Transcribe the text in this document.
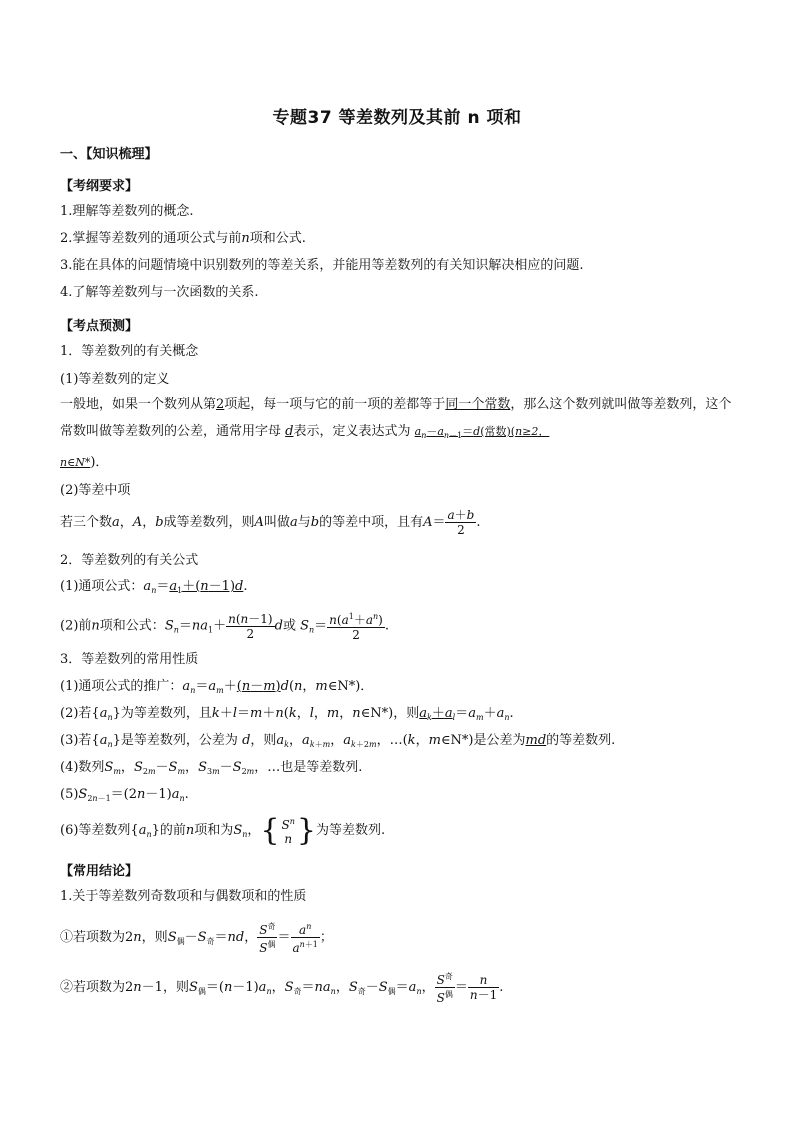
专题37 等差数列及其前 n 项和
一、【知识梳理】
【考纲要求】
1.理解等差数列的概念.
2.掌握等差数列的通项公式与前n项和公式.
3.能在具体的问题情境中识别数列的等差关系，并能用等差数列的有关知识解决相应的问题.
4.了解等差数列与一次函数的关系.
【考点预测】
1．等差数列的有关概念
(1)等差数列的定义
一般地，如果一个数列从第2项起，每一项与它的前一项的差都等于同一个常数，那么这个数列就叫做等差数列，这个常数叫做等差数列的公差，通常用字母 d表示，定义表达式为 $a_n-a_{n-1}=d$(常数)(n≥2，
n∈N*)．
(2)等差中项
若三个数a，A，b成等差数列，则A叫做a与b的等差中项，且有$A= \frac{a+b}{2}$ .
2．等差数列的有关公式
(1)通项公式：$a_n=a_1+(n-1)d$.
(2)前n项和公式：$S_n=na_1+ \frac{n(n-1)}{2}$ d或 $S_n= \frac{n(a^1+a^n)}{2}$ .
3．等差数列的常用性质
(1)通项公式的推广：$a_n=a_m+(n-m)d(n$，m∈N*)．
(2)若$\{a_n\}$为等差数列，且k＋l＝m＋n(k，l，m，n∈N*)，则$a_k+a_l=a_m+a_n$.
(3)若$\{a_n\}$是等差数列，公差为 d，则$a_k$，$a_{k+m}$，$a_{k+2m}$，…(k，m∈N*)是公差为md的等差数列.
(4)数列$S_m$，$S_{2m}-S_m$，$S_{3m}-S_{2m}$，…也是等差数列.
$(5)S_{2n-1}=(2n-1)a_n$.
(6)等差数列$\{a_n\}$的前n项和为$S_n$，{ $S^n$
n }为等差数列.
【常用结论】
1.关于等差数列奇数项和与偶数项和的性质
①若项数为2n，则$S_偶-S_奇=nd$， $\frac{S^奇}{S^偶} = \frac{a^n}{a^{n+1}}$ ；
②若项数为2n－1，则$S_偶=(n-1)a_n$，$S_奇=na_n$，$S_奇-S_偶=a_n$， $\frac{S^奇}{S^偶} = \frac{n}{n-1}$ .
